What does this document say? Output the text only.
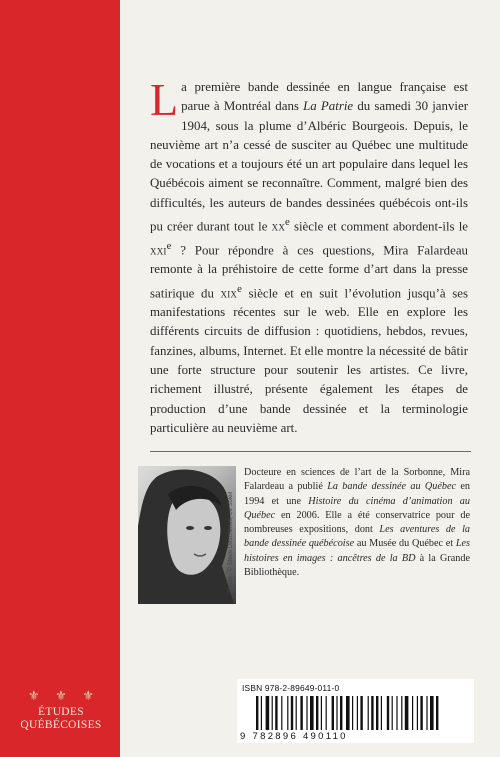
⚜ ⚜ ⚜
ÉTUDES
QUÉBÉCOISES
L a première bande dessinée en langue française est parue à Montréal dans La Patrie du samedi 30 janvier 1904, sous la plume d’Albéric Bourgeois. Depuis, le neuvième art n’a cessé de susciter au Québec une multitude de vocations et a toujours été un art populaire dans lequel les Québécois aiment se reconnaître. Comment, malgré bien des difficultés, les auteurs de bandes dessinées québécois ont-ils pu créer durant tout le $xx^e$ siècle et comment abordent-ils le xxi$^e$ ? Pour répondre à ces questions, Mira Falardeau remonte à la préhistoire de cette forme d’art dans la presse satirique du xix$^e$ siècle et en suit l’évolution jusqu’à ses manifestations récentes sur le web. Elle en explore les différents circuits de diffusion : quotidiens, hebdos, revues, fanzines, albums, Internet. Et elle montre la nécessité de bâtir une forte structure pour soutenir les artistes. Ce livre, richement illustré, présente également les étapes de production d’une bande dessinée et la terminologie particulière au neuvième art.

Photo : © Steve Deschênes, Le Soleil

Docteure en sciences de l’art de la Sorbonne, Mira Falardeau a publié La bande dessinée au Québec en 1994 et une Histoire du cinéma d’animation au Québec en 2006. Elle a été conservatrice pour de nombreuses expositions, dont Les aventures de la bande dessinée québécoise au Musée du Québec et Les histoires en images : ancêtres de la BD à la Grande Bibliothèque.

ISBN 978-2-89649-011-0
9 782896 490110
